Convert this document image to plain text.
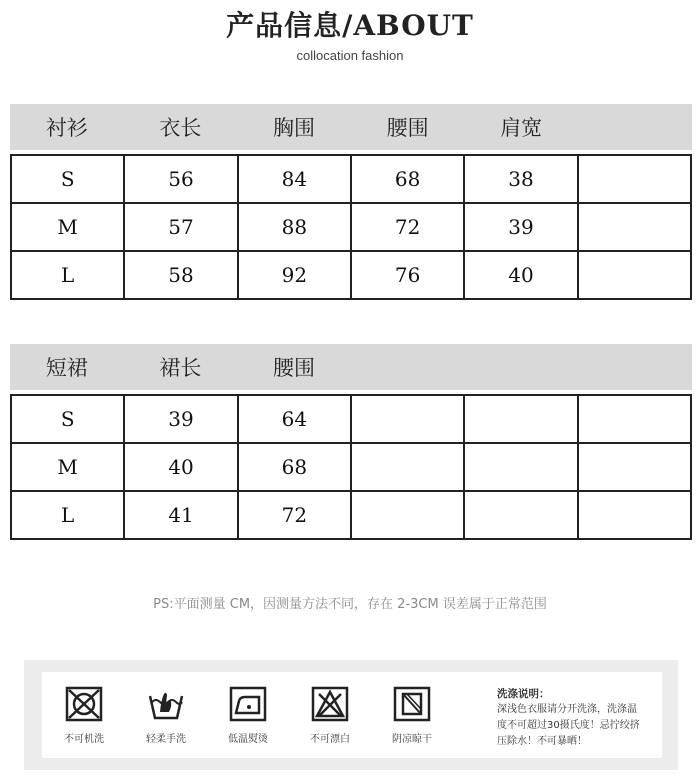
产品信息/ABOUT
collocation fashion
衬衫	衣长	胸围	腰围	肩宽
S	56	84	68	38
M	57	88	72	39
L	58	92	76	40
短裙	裙长	腰围
S	39	64
M	40	68
L	41	72
PS:平面测量 CM，因测量方法不同，存在 2-3CM 误差属于正常范围
不可机洗	轻柔手洗	低温熨烫	不可漂白	阴凉晾干
洗涤说明：
深浅色衣服请分开洗涤，洗涤温
度不可超过30摄氏度！忌拧绞挤
压除水！不可暴晒！
